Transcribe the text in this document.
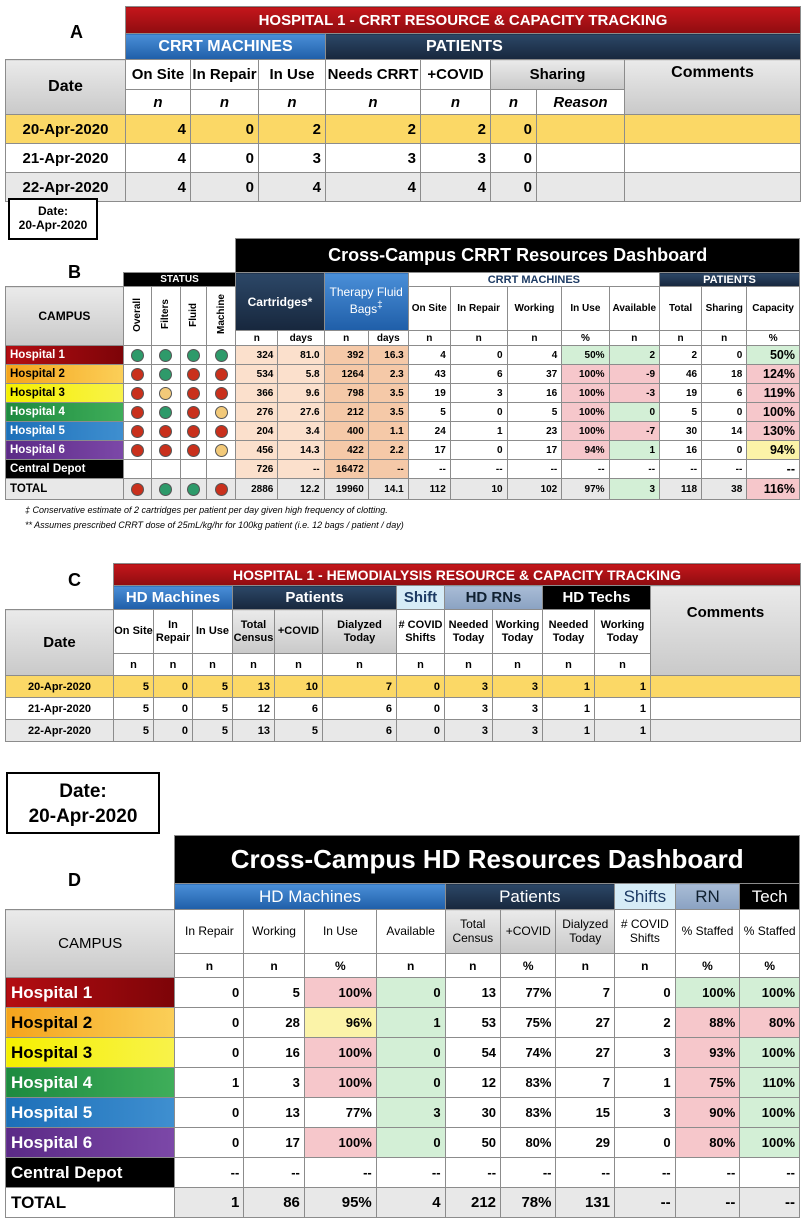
A
	HOSPITAL 1 - CRRT RESOURCE & CAPACITY TRACKING							
	CRRT MACHINES			PATIENTS				
Date	On Site	In Repair	In Use	Needs CRRT	+COVID	Sharing		Comments
	n	n	n	n	n	n	Reason	
20-Apr-2020	4	0	2	2	2	0		
21-Apr-2020	4	0	3	3	3	0		
22-Apr-2020	4	0	4	4	4	0		
Date:
20-Apr-2020
B
					Cross-Campus CRRT Resources Dashboard											
	STATUS				Cartridges*		Therapy Fluid Bags‡		CRRT MACHINES					PATIENTS		
CAMPUS	Overall	Filters	Fluid	Machine					On Site	In Repair	Working	In Use	Available	Total	Sharing	Capacity
					n	days	n	days	n	n	n	%	n	n	n	%
Hospital 1					324	81.0	392	16.3	4	0	4	50%	2	2	0	50%
Hospital 2					534	5.8	1264	2.3	43	6	37	100%	-9	46	18	124%
Hospital 3					366	9.6	798	3.5	19	3	16	100%	-3	19	6	119%
Hospital 4					276	27.6	212	3.5	5	0	5	100%	0	5	0	100%
Hospital 5					204	3.4	400	1.1	24	1	23	100%	-7	30	14	130%
Hospital 6					456	14.3	422	2.2	17	0	17	94%	1	16	0	94%
Central Depot					726	--	16472	--	--	--	--	--	--	--	--	--
TOTAL					2886	12.2	19960	14.1	112	10	102	97%	3	118	38	116%
‡ Conservative estimate of 2 cartridges per patient per day given high frequency of clotting.
** Assumes prescribed CRRT dose of 25mL/kg/hr for 100kg patient (i.e. 12 bags / patient / day)
C
		HOSPITAL 1 - HEMODIALYSIS RESOURCE & CAPACITY TRACKING											
	HD Machines			Patients			Shift	HD RNs		HD Techs		Comments
Date	On Site	In Repair	In Use	Total Census	+COVID	Dialyzed Today	# COVID Shifts	Needed Today	Working Today	Needed Today	Working Today	
	n	n	n	n	n	n	n	n	n	n	n	
20-Apr-2020	5	0	5	13	10	7	0	3	3	1	1	
21-Apr-2020	5	0	5	12	6	6	0	3	3	1	1	
22-Apr-2020	5	0	5	13	5	6	0	3	3	1	1	
Date:
20-Apr-2020
D
	Cross-Campus HD Resources Dashboard									
	HD Machines				Patients			Shifts	RN	Tech
CAMPUS	In Repair	Working	In Use	Available	Total Census	+COVID	Dialyzed Today	# COVID Shifts	% Staffed	% Staffed
	n	n	%	n	n	%	n	n	%	%
Hospital 1	0	5	100%	0	13	77%	7	0	100%	100%
Hospital 2	0	28	96%	1	53	75%	27	2	88%	80%
Hospital 3	0	16	100%	0	54	74%	27	3	93%	100%
Hospital 4	1	3	100%	0	12	83%	7	1	75%	110%
Hospital 5	0	13	77%	3	30	83%	15	3	90%	100%
Hospital 6	0	17	100%	0	50	80%	29	0	80%	100%
Central Depot	--	--	--	--	--	--	--	--	--	--
TOTAL	1	86	95%	4	212	78%	131	--	--	--
